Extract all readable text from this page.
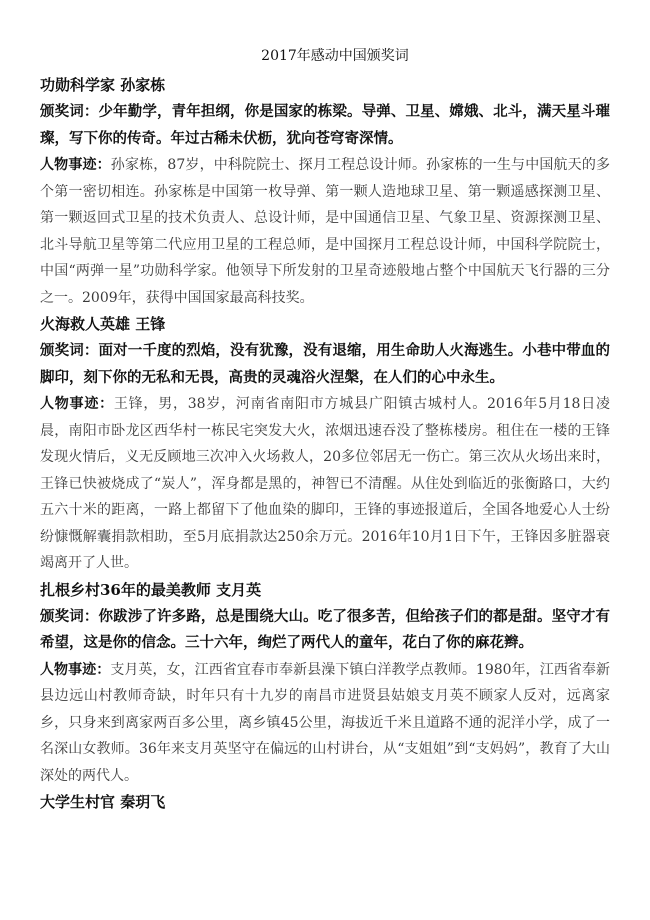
2017年感动中国颁奖词
功勋科学家 孙家栋

颁奖词：少年勤学，青年担纲，你是国家的栋梁。导弹、卫星、嫦娥、北斗，满天星斗璀璨，写下你的传奇。年过古稀未伏枥，犹向苍穹寄深情。

人物事迹：孙家栋，87岁，中科院院士、探月工程总设计师。孙家栋的一生与中国航天的多个第一密切相连。孙家栋是中国第一枚导弹、第一颗人造地球卫星、第一颗遥感探测卫星、第一颗返回式卫星的技术负责人、总设计师，是中国通信卫星、气象卫星、资源探测卫星、北斗导航卫星等第二代应用卫星的工程总师，是中国探月工程总设计师，中国科学院院士，中国“两弹一星”功勋科学家。他领导下所发射的卫星奇迹般地占整个中国航天飞行器的三分之一。2009年，获得中国国家最高科技奖。

火海救人英雄 王锋

颁奖词：面对一千度的烈焰，没有犹豫，没有退缩，用生命助人火海逃生。小巷中带血的脚印，刻下你的无私和无畏，高贵的灵魂浴火涅槃，在人们的心中永生。

人物事迹：王锋，男，38岁，河南省南阳市方城县广阳镇古城村人。2016年5月18日凌晨，南阳市卧龙区西华村一栋民宅突发大火，浓烟迅速吞没了整栋楼房。租住在一楼的王锋发现火情后，义无反顾地三次冲入火场救人，20多位邻居无一伤亡。第三次从火场出来时，王锋已快被烧成了“炭人”，浑身都是黑的，神智已不清醒。从住处到临近的张衡路口，大约五六十米的距离，一路上都留下了他血染的脚印，王锋的事迹报道后，全国各地爱心人士纷纷慷慨解囊捐款相助，至5月底捐款达250余万元。2016年10月1日下午，王锋因多脏器衰竭离开了人世。

扎根乡村36年的最美教师 支月英

颁奖词：你跋涉了许多路，总是围绕大山。吃了很多苦，但给孩子们的都是甜。坚守才有希望，这是你的信念。三十六年，绚烂了两代人的童年，花白了你的麻花辫。

人物事迹：支月英，女，江西省宜春市奉新县澡下镇白洋教学点教师。1980年，江西省奉新县边远山村教师奇缺，时年只有十九岁的南昌市进贤县姑娘支月英不顾家人反对，远离家乡，只身来到离家两百多公里，离乡镇45公里，海拔近千米且道路不通的泥洋小学，成了一名深山女教师。36年来支月英坚守在偏远的山村讲台，从“支姐姐”到“支妈妈”，教育了大山深处的两代人。

大学生村官 秦玥飞
